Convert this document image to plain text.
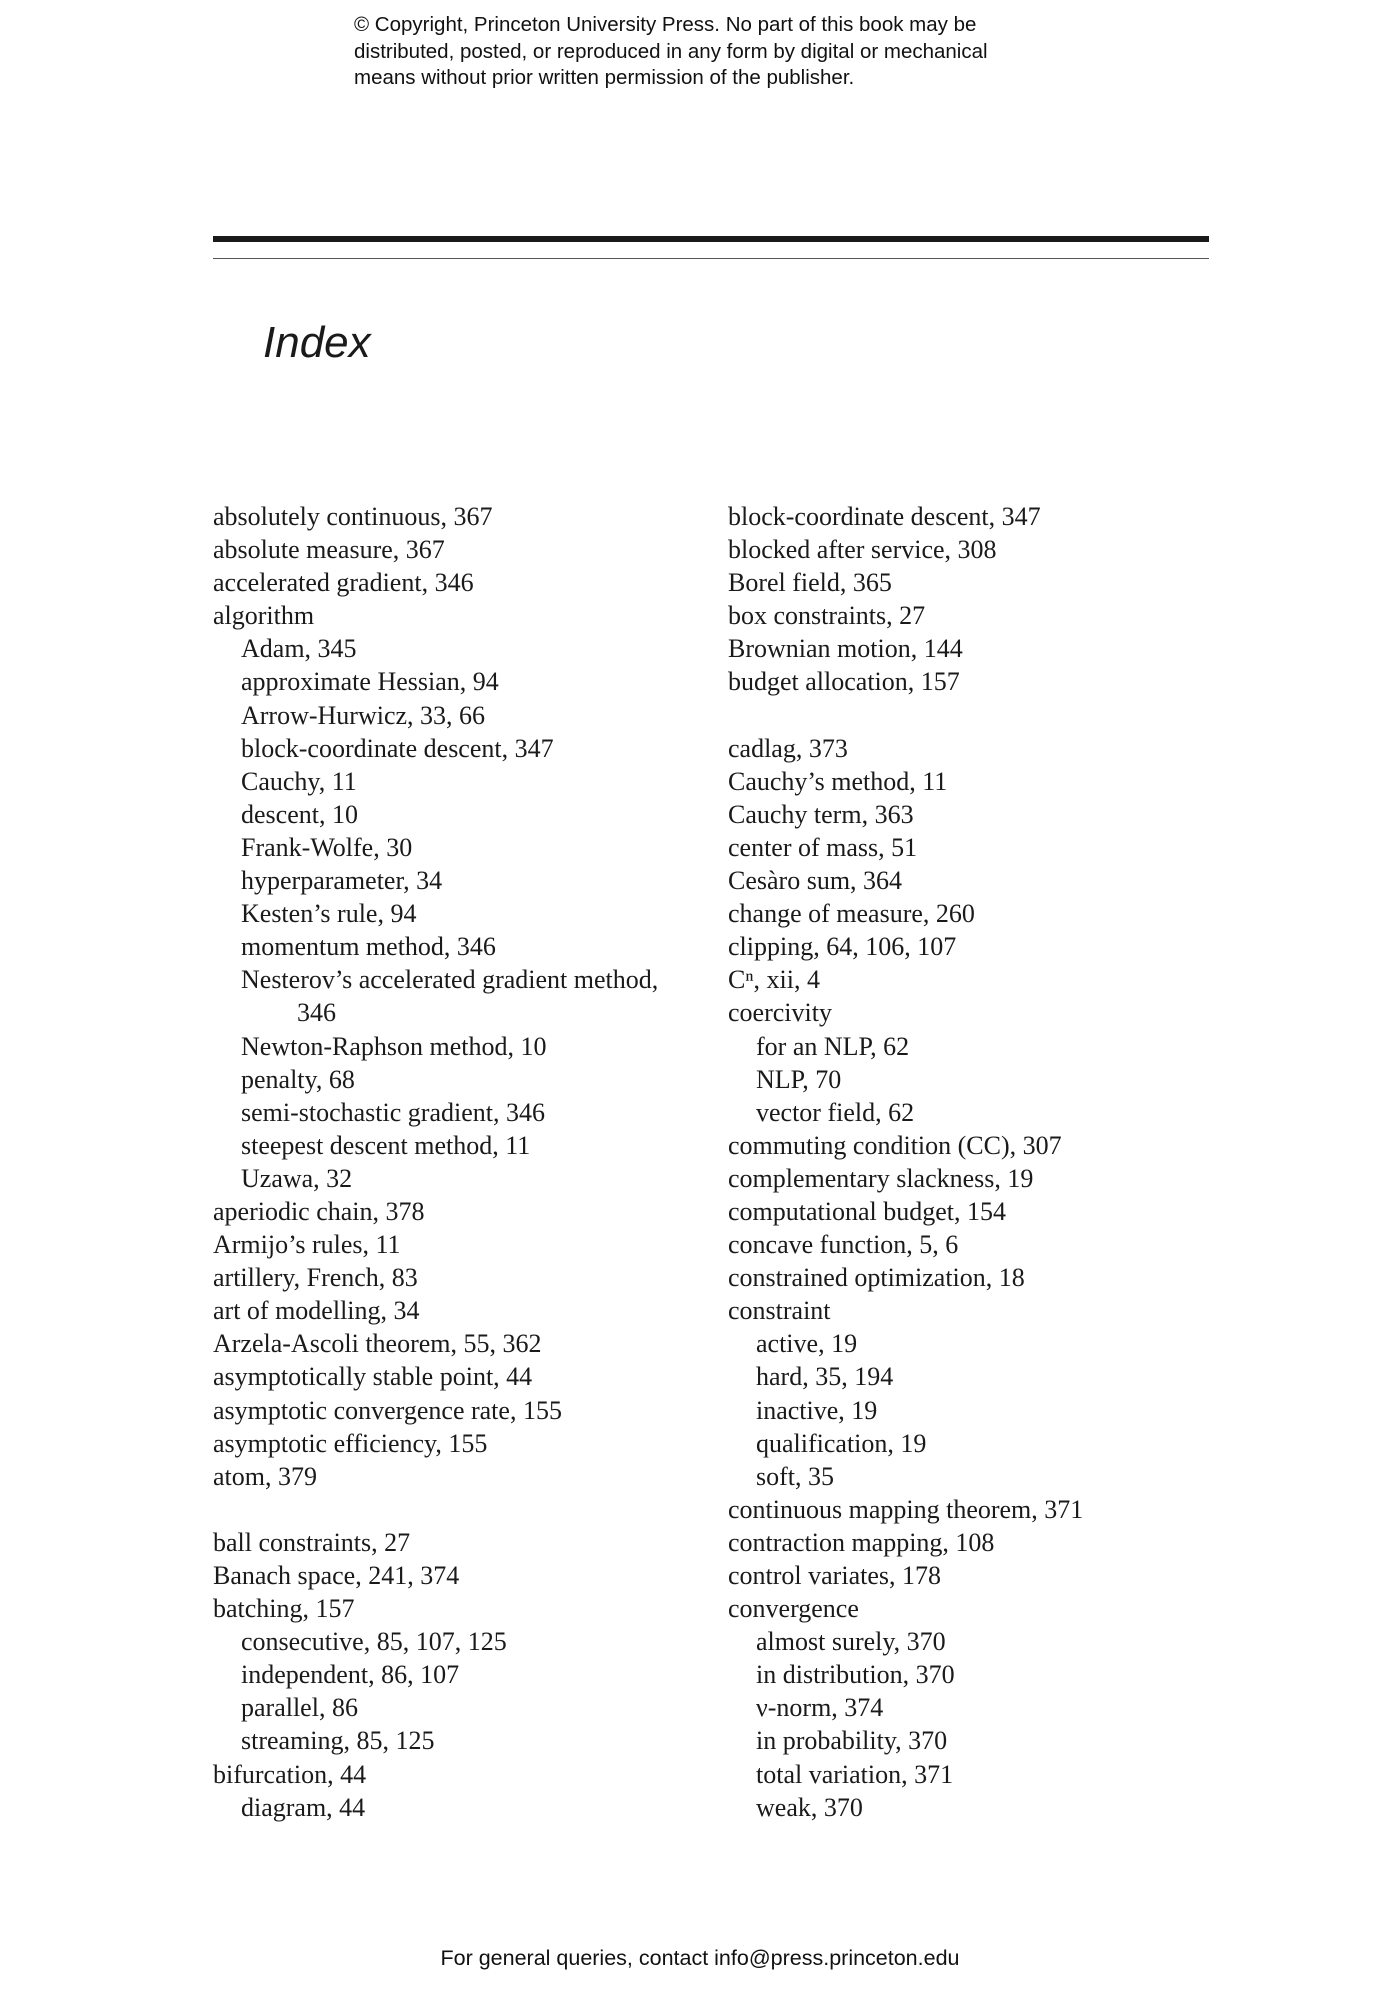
© Copyright, Princeton University Press. No part of this book may be
distributed, posted, or reproduced in any form by digital or mechanical
means without prior written permission of the publisher.
Index
absolutely continuous, 367
absolute measure, 367
accelerated gradient, 346
algorithm
Adam, 345
approximate Hessian, 94
Arrow-Hurwicz, 33, 66
block-coordinate descent, 347
Cauchy, 11
descent, 10
Frank-Wolfe, 30
hyperparameter, 34
Kesten’s rule, 94
momentum method, 346
Nesterov’s accelerated gradient method,
346
Newton-Raphson method, 10
penalty, 68
semi-stochastic gradient, 346
steepest descent method, 11
Uzawa, 32
aperiodic chain, 378
Armijo’s rules, 11
artillery, French, 83
art of modelling, 34
Arzela-Ascoli theorem, 55, 362
asymptotically stable point, 44
asymptotic convergence rate, 155
asymptotic efficiency, 155
atom, 379
ball constraints, 27
Banach space, 241, 374
batching, 157
consecutive, 85, 107, 125
independent, 86, 107
parallel, 86
streaming, 85, 125
bifurcation, 44
diagram, 44
block-coordinate descent, 347
blocked after service, 308
Borel field, 365
box constraints, 27
Brownian motion, 144
budget allocation, 157
cadlag, 373
Cauchy’s method, 11
Cauchy term, 363
center of mass, 51
Cesàro sum, 364
change of measure, 260
clipping, 64, 106, 107
Cⁿ, xii, 4
coercivity
for an NLP, 62
NLP, 70
vector field, 62
commuting condition (CC), 307
complementary slackness, 19
computational budget, 154
concave function, 5, 6
constrained optimization, 18
constraint
active, 19
hard, 35, 194
inactive, 19
qualification, 19
soft, 35
continuous mapping theorem, 371
contraction mapping, 108
control variates, 178
convergence
almost surely, 370
in distribution, 370
ν-norm, 374
in probability, 370
total variation, 371
weak, 370
For general queries, contact info@press.princeton.edu
